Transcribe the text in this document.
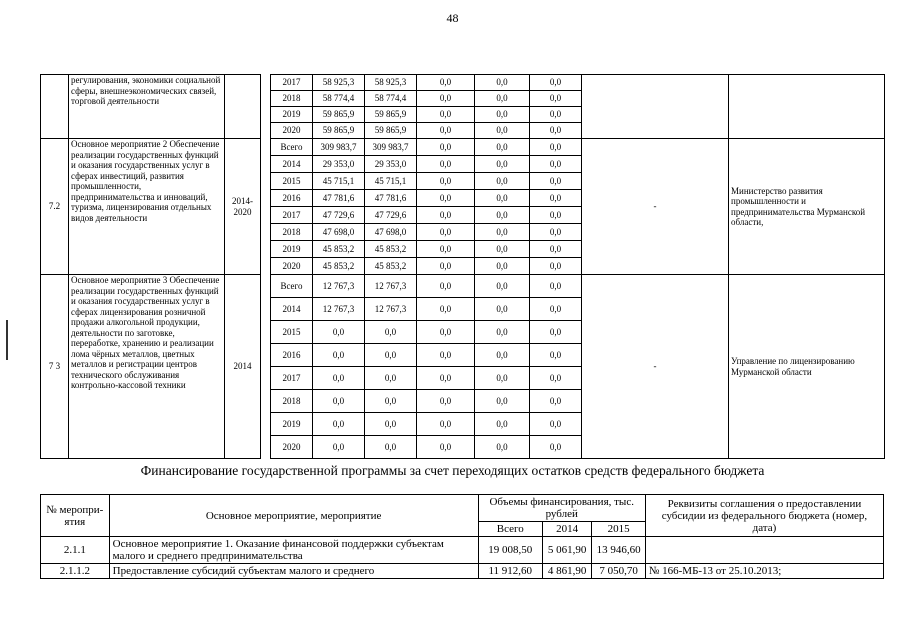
48
	регулирования, экономики социальной сферы, внешнеэкономических связей, торговой деятельности			2017	58 925,3	58 925,3	0,0	0,0	0,0		
				2018	58 774,4	58 774,4	0,0	0,0	0,0		
				2019	59 865,9	59 865,9	0,0	0,0	0,0		
				2020	59 865,9	59 865,9	0,0	0,0	0,0		
7.2	Основное мероприятие 2 Обеспечение реализации государственных функций и оказания государственных услуг в сферах инвестиций, развития промышленности, предпринимательства и инноваций, туризма, лицензирования отдельных видов деятельности	2014-2020		Всего	309 983,7	309 983,7	0,0	0,0	0,0	-	Министерство развития промышленности и предпринимательства Мурманской области,
				2014	29 353,0	29 353,0	0,0	0,0	0,0		
				2015	45 715,1	45 715,1	0,0	0,0	0,0		
				2016	47 781,6	47 781,6	0,0	0,0	0,0		
				2017	47 729,6	47 729,6	0,0	0,0	0,0		
				2018	47 698,0	47 698,0	0,0	0,0	0,0		
				2019	45 853,2	45 853,2	0,0	0,0	0,0		
				2020	45 853,2	45 853,2	0,0	0,0	0,0		
7 3	Основное мероприятие 3 Обеспечение реализации государственных функций и оказания государственных услуг в сферах лицензирования розничной продажи алкогольной продукции, деятельности по заготовке, переработке, хранению и реализации лома чёрных металлов, цветных металлов и регистрации центров технического обслуживания контрольно-кассовой техники	2014		Всего	12 767,3	12 767,3	0,0	0,0	0,0	-	Управление по лицензированию Мурманской области
				2014	12 767,3	12 767,3	0,0	0,0	0,0		
				2015	0,0	0,0	0,0	0,0	0,0		
				2016	0,0	0,0	0,0	0,0	0,0		
				2017	0,0	0,0	0,0	0,0	0,0		
				2018	0,0	0,0	0,0	0,0	0,0		
				2019	0,0	0,0	0,0	0,0	0,0		
				2020	0,0	0,0	0,0	0,0	0,0		
Финансирование государственной программы за счет переходящих остатков средств федерального бюджета
№ меропри-ятия	Основное мероприятие, мероприятие	Объемы финансирования, тыс. рублей			Реквизиты соглашения о предоставлении субсидии из федерального бюджета (номер, дата)
		Всего	2014	2015	
2.1.1	Основное мероприятие 1. Оказание финансовой поддержки субъектам малого и среднего предпринимательства	19 008,50	5 061,90	13 946,60	
2.1.1.2	Предоставление субсидий субъектам малого и среднего	11 912,60	4 861,90	7 050,70	№ 166-МБ-13 от 25.10.2013;
